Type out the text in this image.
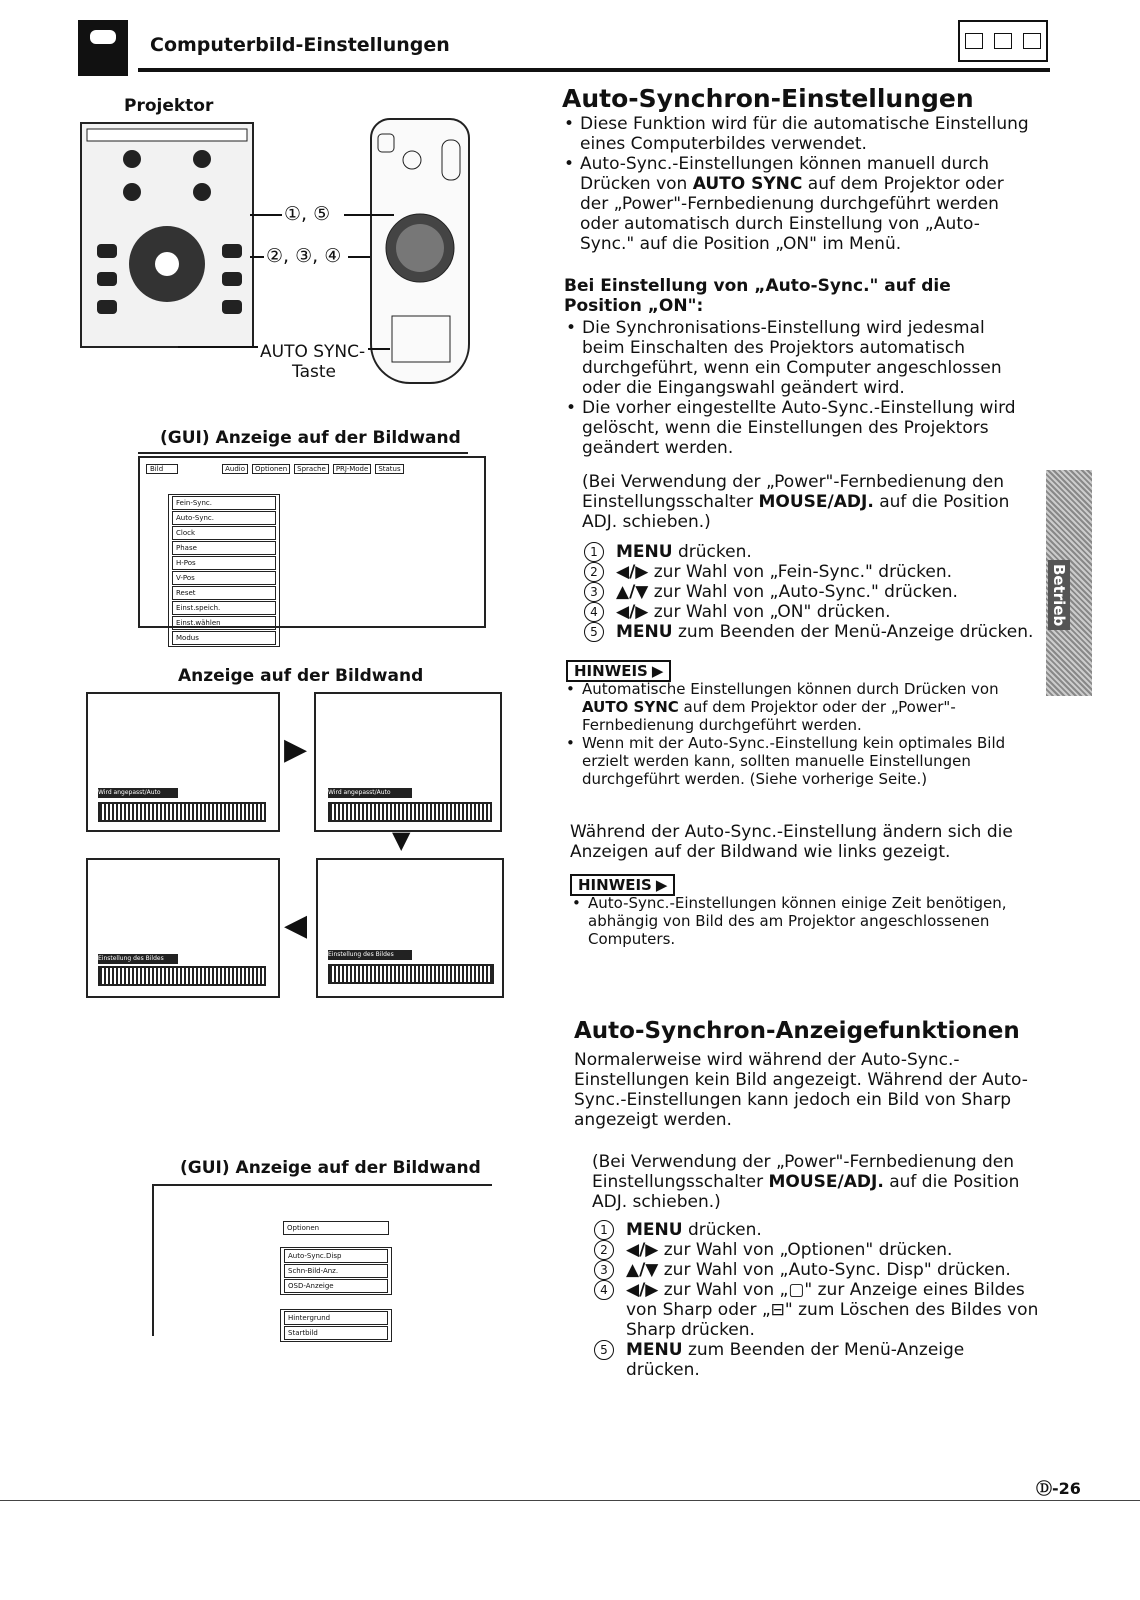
Computerbild-Einstellungen
Projektor
①, ⑤
②, ③, ④
AUTO SYNC-
Taste
(GUI) Anzeige auf der Bildwand
Bild	Audio	Optionen	Sprache	PRJ-Mode	Status
Fein-Sync.
Auto-Sync.
Clock
Phase
H-Pos
V-Pos
Reset
Einst.speich.
Einst.wählen
Modus
Anzeige auf der Bildwand
Wird angepasst/Auto
▶
Wird angepasst/Auto
▼
Einstellung des Bildes
◀
Einstellung des Bildes
(GUI) Anzeige auf der Bildwand
Optionen
Auto-Sync.Disp
Schn-Bild-Anz.
OSD-Anzeige
Hintergrund
Startbild
Auto-Synchron-Einstellungen
• Diese Funktion wird für die automatische Einstellung eines Computerbildes verwendet.
• Auto-Sync.-Einstellungen können manuell durch Drücken von AUTO SYNC auf dem Projektor oder der „Power"-Fernbedienung durchgeführt werden oder automatisch durch Einstellung von „Auto-Sync." auf die Position „ON" im Menü.
Bei Einstellung von „Auto-Sync." auf die Position „ON":
• Die Synchronisations-Einstellung wird jedesmal beim Einschalten des Projektors automatisch durchgeführt, wenn ein Computer angeschlossen oder die Eingangswahl geändert wird.
• Die vorher eingestellte Auto-Sync.-Einstellung wird gelöscht, wenn die Einstellungen des Projektors geändert werden.
(Bei Verwendung der „Power"-Fernbedienung den Einstellungsschalter MOUSE/ADJ. auf die Position ADJ. schieben.)
1	MENU drücken.
2	◀/▶ zur Wahl von „Fein-Sync." drücken.
3	▲/▼ zur Wahl von „Auto-Sync." drücken.
4	◀/▶ zur Wahl von „ON" drücken.
5	MENU zum Beenden der Menü-Anzeige drücken.
HINWEIS ▶
• Automatische Einstellungen können durch Drücken von AUTO SYNC auf dem Projektor oder der „Power"-Fernbedienung durchgeführt werden.
• Wenn mit der Auto-Sync.-Einstellung kein optimales Bild erzielt werden kann, sollten manuelle Einstellungen durchgeführt werden. (Siehe vorherige Seite.)
Während der Auto-Sync.-Einstellung ändern sich die Anzeigen auf der Bildwand wie links gezeigt.
HINWEIS ▶
• Auto-Sync.-Einstellungen können einige Zeit benötigen, abhängig von Bild des am Projektor angeschlossenen Computers.
Auto-Synchron-Anzeigefunktionen
Normalerweise wird während der Auto-Sync.-Einstellungen kein Bild angezeigt. Während der Auto-Sync.-Einstellungen kann jedoch ein Bild von Sharp angezeigt werden.
(Bei Verwendung der „Power"-Fernbedienung den Einstellungsschalter MOUSE/ADJ. auf die Position ADJ. schieben.)
1	MENU drücken.
2	◀/▶ zur Wahl von „Optionen" drücken.
3	▲/▼ zur Wahl von „Auto-Sync. Disp" drücken.
4	◀/▶ zur Wahl von „▢" zur Anzeige eines Bildes von Sharp oder „⊟" zum Löschen des Bildes von Sharp drücken.
5	MENU zum Beenden der Menü-Anzeige drücken.
Betrieb
Ⓓ-26
